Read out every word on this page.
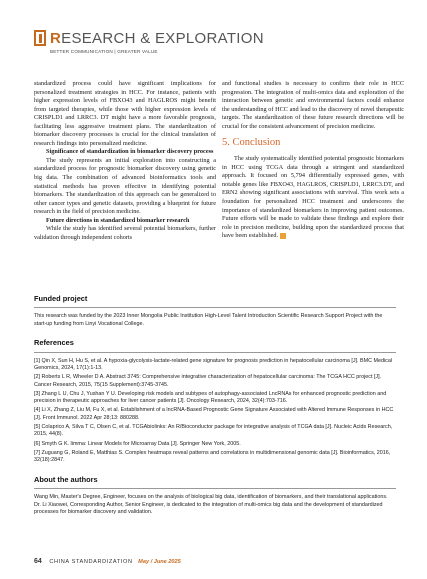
RESEARCH & EXPLORATION
BETTER COMMUNICATION | GREATER VALUE

standardized process could have significant implications for personalized treatment strategies in HCC. For instance, patients with higher expression levels of FBXO43 and HAGLROS might benefit from targeted therapies, while those with higher expression levels of CRISPLD1 and LRRC3. DT might have a more favorable prognosis, facilitating less aggressive treatment plans. The standardization of biomarker discovery processes is crucial for the clinical translation of research findings into personalized medicine.

Significance of standardization in biomarker discovery process

The study represents an initial exploration into constructing a standardized process for prognostic biomarker discovery using genetic big data. The combination of advanced bioinformatics tools and statistical methods has proven effective in identifying potential biomarkers. The standardization of this approach can be generalized to other cancer types and genetic datasets, providing a blueprint for future research in the field of precision medicine.

Future directions in standardized biomarker research

While the study has identified several potential biomarkers, further validation through independent cohorts

and functional studies is necessary to confirm their role in HCC progression. The integration of multi-omics data and exploration of the interaction between genetic and environmental factors could enhance the understanding of HCC and lead to the discovery of novel therapeutic targets. The standardization of these future research directions will be crucial for the consistent advancement of precision medicine.

5. Conclusion

The study systematically identified potential prognostic biomarkers in HCC using TCGA data through a stringent and standardized approach. It focused on 5,794 differentially expressed genes, with notable genes like FBXO43, HAGLROS, CRISPLD1, LRRC3.DT, and ERN2 showing significant associations with survival. This work sets a foundation for personalized HCC treatment and underscores the importance of standardized biomarkers in improving patient outcomes. Future efforts will be made to validate these findings and explore their role in precision medicine, building upon the standardized process that have been established.

Funded project

This research was funded by the 2023 Inner Mongolia Public Institution High-Level Talent Introduction Scientific Research Support Project with the start-up funding from Linyi Vocational College.

References

[1] Qin X, Sun H, Hu S, et al. A hypoxia-glycolysis-lactate-related gene signature for prognosis prediction in hepatocellular carcinoma [J]. BMC Medical Genomics, 2024, 17(1):1-13.

[2] Roberts L R, Wheeler D A. Abstract 3745: Comprehensive integrative characterization of hepatocellular carcinoma: The TCGA HCC project [J]. Cancer Research, 2015, 75(15 Supplement):3745-3745.

[3] Zhang L U, Chu J, Yushan Y U. Developing risk models and subtypes of autophagy-associated LncRNAs for enhanced prognostic prediction and precision in therapeutic approaches for liver cancer patients [J]. Oncology Research, 2024, 32(4):703-716.

[4] Li X, Zhang Z, Liu M, Fu X, et al. Establishment of a lncRNA-Based Prognostic Gene Signature Associated with Altered Immune Responses in HCC [J]. Front Immunol. 2022 Apr 28;13: 880288.

[5] Colaprico A, Silva T C, Olsen C, et al. TCGAbiolinks: An R/Bioconductor package for integrative analysis of TCGA data [J]. Nucleic Acids Research, 2015, 44(8).

[6] Smyth G K. limma: Linear Models for Microarray Data [J]. Springer New York, 2005.

[7] Zuguang G, Roland E, Matthias S. Complex heatmaps reveal patterns and correlations in multidimensional genomic data [J]. Bioinformatics, 2016, 32(18):2847.

About the authors

Wang Min, Master's Degree, Engineer, focuses on the analysis of biological big data, identification of biomarkers, and their translational applications.

Dr. Li Xiaowei, Corresponding Author, Senior Engineer, is dedicated to the integration of multi-omics big data and the development of standardized processes for biomarker discovery and validation.

64 CHINA STANDARDIZATION May / June 2025
